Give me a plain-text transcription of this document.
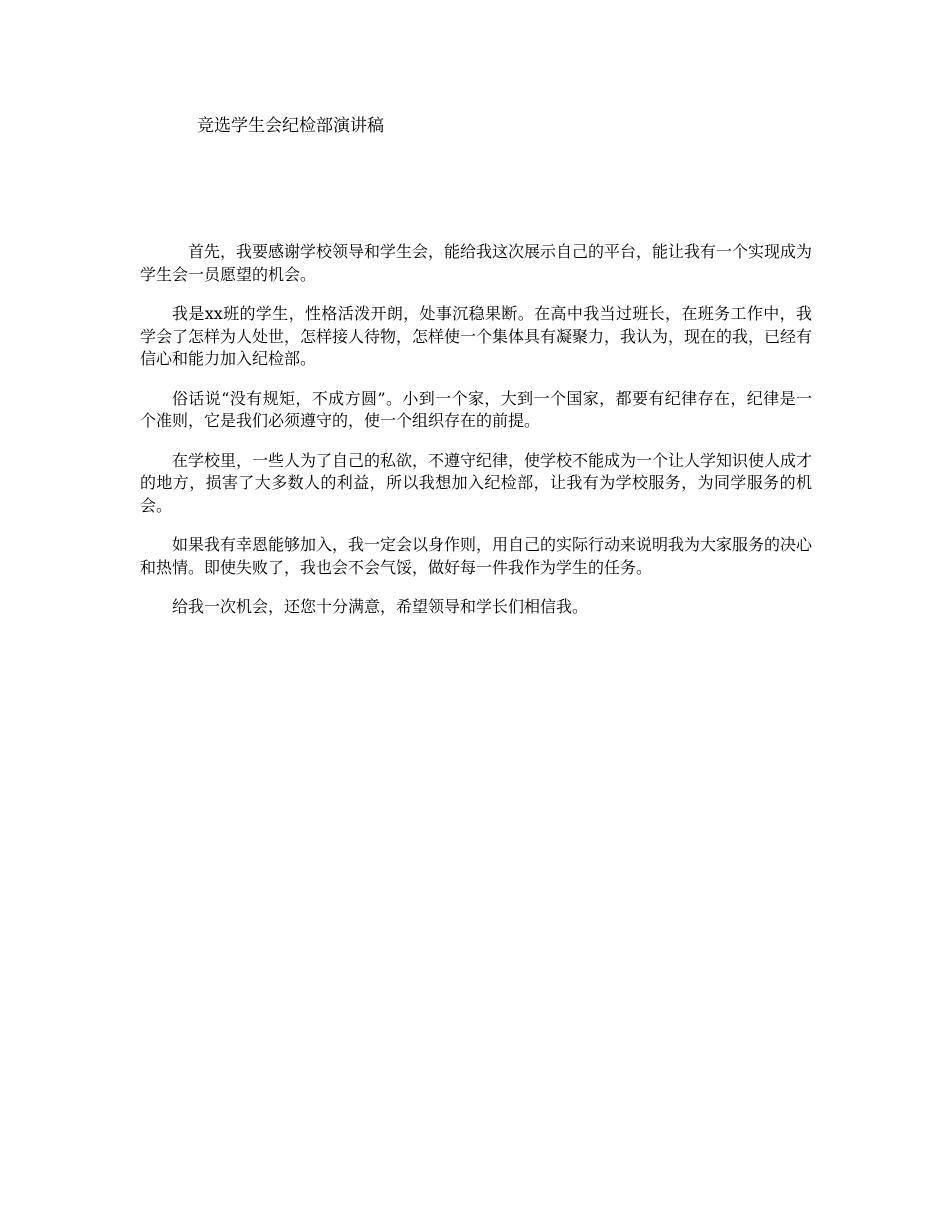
竞选学生会纪检部演讲稿

首先，我要感谢学校领导和学生会，能给我这次展示自己的平台，能让我有一个实现成为学生会一员愿望的机会。

我是xx班的学生，性格活泼开朗，处事沉稳果断。在高中我当过班长，在班务工作中，我学会了怎样为人处世，怎样接人待物，怎样使一个集体具有凝聚力，我认为，现在的我，已经有信心和能力加入纪检部。

俗话说“没有规矩，不成方圆”。小到一个家，大到一个国家，都要有纪律存在，纪律是一个准则，它是我们必须遵守的，使一个组织存在的前提。

在学校里，一些人为了自己的私欲，不遵守纪律，使学校不能成为一个让人学知识使人成才的地方，损害了大多数人的利益，所以我想加入纪检部，让我有为学校服务，为同学服务的机会。

如果我有幸恩能够加入，我一定会以身作则，用自己的实际行动来说明我为大家服务的决心和热情。即使失败了，我也会不会气馁，做好每一件我作为学生的任务。

给我一次机会，还您十分满意，希望领导和学长们相信我。
